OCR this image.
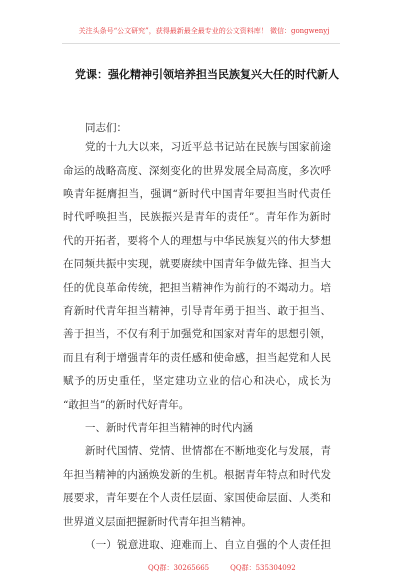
关注头条号“公文研究”，获得最新最全最专业的公文资料库！ 微信：gongwenyj
党课：强化精神引领培养担当民族复兴大任的时代新人
同志们：
党的十九大以来，习近平总书记站在民族与国家前途
命运的战略高度、深刻变化的世界发展全局高度，多次呼
唤青年挺膺担当，强调“新时代中国青年要担当时代责任
时代呼唤担当，民族振兴是青年的责任”。青年作为新时
代的开拓者，要将个人的理想与中华民族复兴的伟大梦想
在同频共振中实现，就要赓续中国青年争做先锋、担当大
任的优良革命传统，把担当精神作为前行的不竭动力。培
育新时代青年担当精神，引导青年勇于担当、敢于担当、
善于担当，不仅有利于加强党和国家对青年的思想引领，
而且有利于增强青年的责任感和使命感，担当起党和人民
赋予的历史重任，坚定建功立业的信心和决心，成长为
“敢担当”的新时代好青年。
一、新时代青年担当精神的时代内涵
新时代国情、党情、世情都在不断地变化与发展，青
年担当精神的内涵焕发新的生机。根据青年特点和时代发
展要求，青年要在个人责任层面、家国使命层面、人类和
世界道义层面把握新时代青年担当精神。
（一）锐意进取、迎难而上、自立自强的个人责任担
QQ群：30265665	QQ群：535304092
